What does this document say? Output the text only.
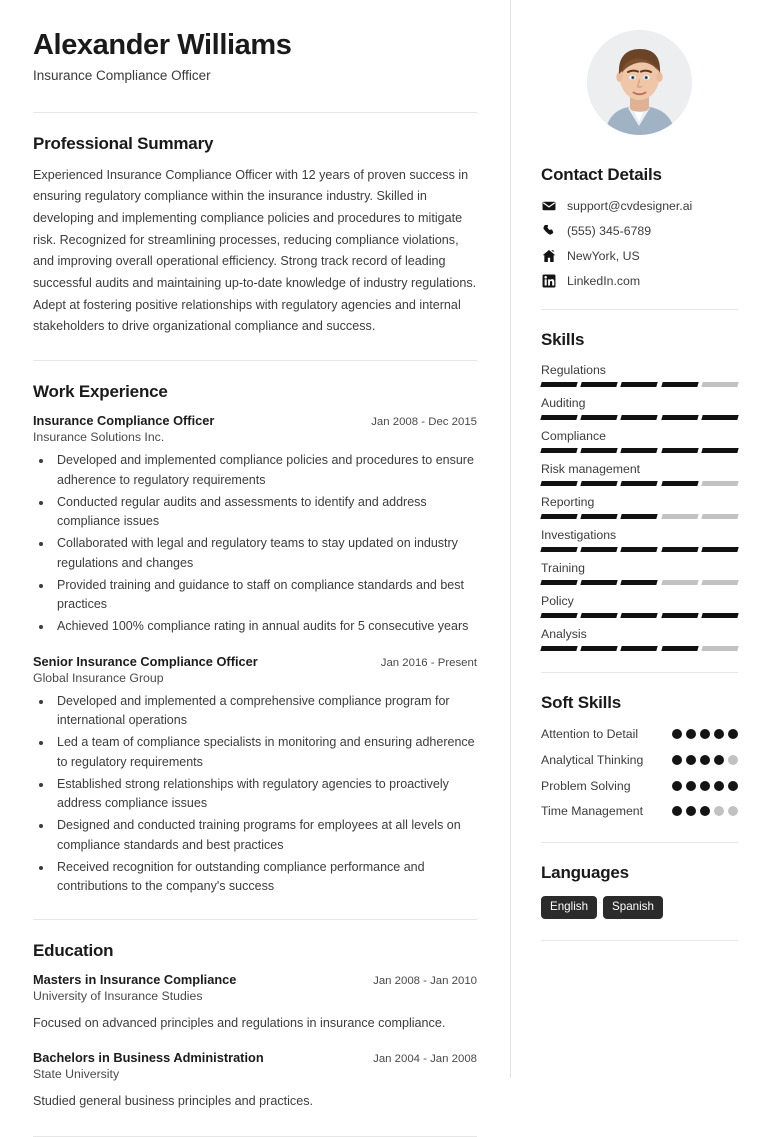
Alexander Williams
Insurance Compliance Officer
Professional Summary
Experienced Insurance Compliance Officer with 12 years of proven success in ensuring regulatory compliance within the insurance industry. Skilled in developing and implementing compliance policies and procedures to mitigate risk. Recognized for streamlining processes, reducing compliance violations, and improving overall operational efficiency. Strong track record of leading successful audits and maintaining up-to-date knowledge of industry regulations. Adept at fostering positive relationships with regulatory agencies and internal stakeholders to drive organizational compliance and success.
Work Experience
Insurance Compliance Officer	Jan 2008 - Dec 2015
Insurance Solutions Inc.
• Developed and implemented compliance policies and procedures to ensure adherence to regulatory requirements
• Conducted regular audits and assessments to identify and address compliance issues
• Collaborated with legal and regulatory teams to stay updated on industry regulations and changes
• Provided training and guidance to staff on compliance standards and best practices
• Achieved 100% compliance rating in annual audits for 5 consecutive years
Senior Insurance Compliance Officer	Jan 2016 - Present
Global Insurance Group
• Developed and implemented a comprehensive compliance program for international operations
• Led a team of compliance specialists in monitoring and ensuring adherence to regulatory requirements
• Established strong relationships with regulatory agencies to proactively address compliance issues
• Designed and conducted training programs for employees at all levels on compliance standards and best practices
• Received recognition for outstanding compliance performance and contributions to the company's success
Education
Masters in Insurance Compliance	Jan 2008 - Jan 2010
University of Insurance Studies
Focused on advanced principles and regulations in insurance compliance.
Bachelors in Business Administration	Jan 2004 - Jan 2008
State University
Studied general business principles and practices.
Contact Details
support@cvdesigner.ai
(555) 345-6789
NewYork, US
LinkedIn.com
Skills
Regulations
Auditing
Compliance
Risk management
Reporting
Investigations
Training
Policy
Analysis
Soft Skills
Attention to Detail
Analytical Thinking
Problem Solving
Time Management
Languages
English	Spanish
